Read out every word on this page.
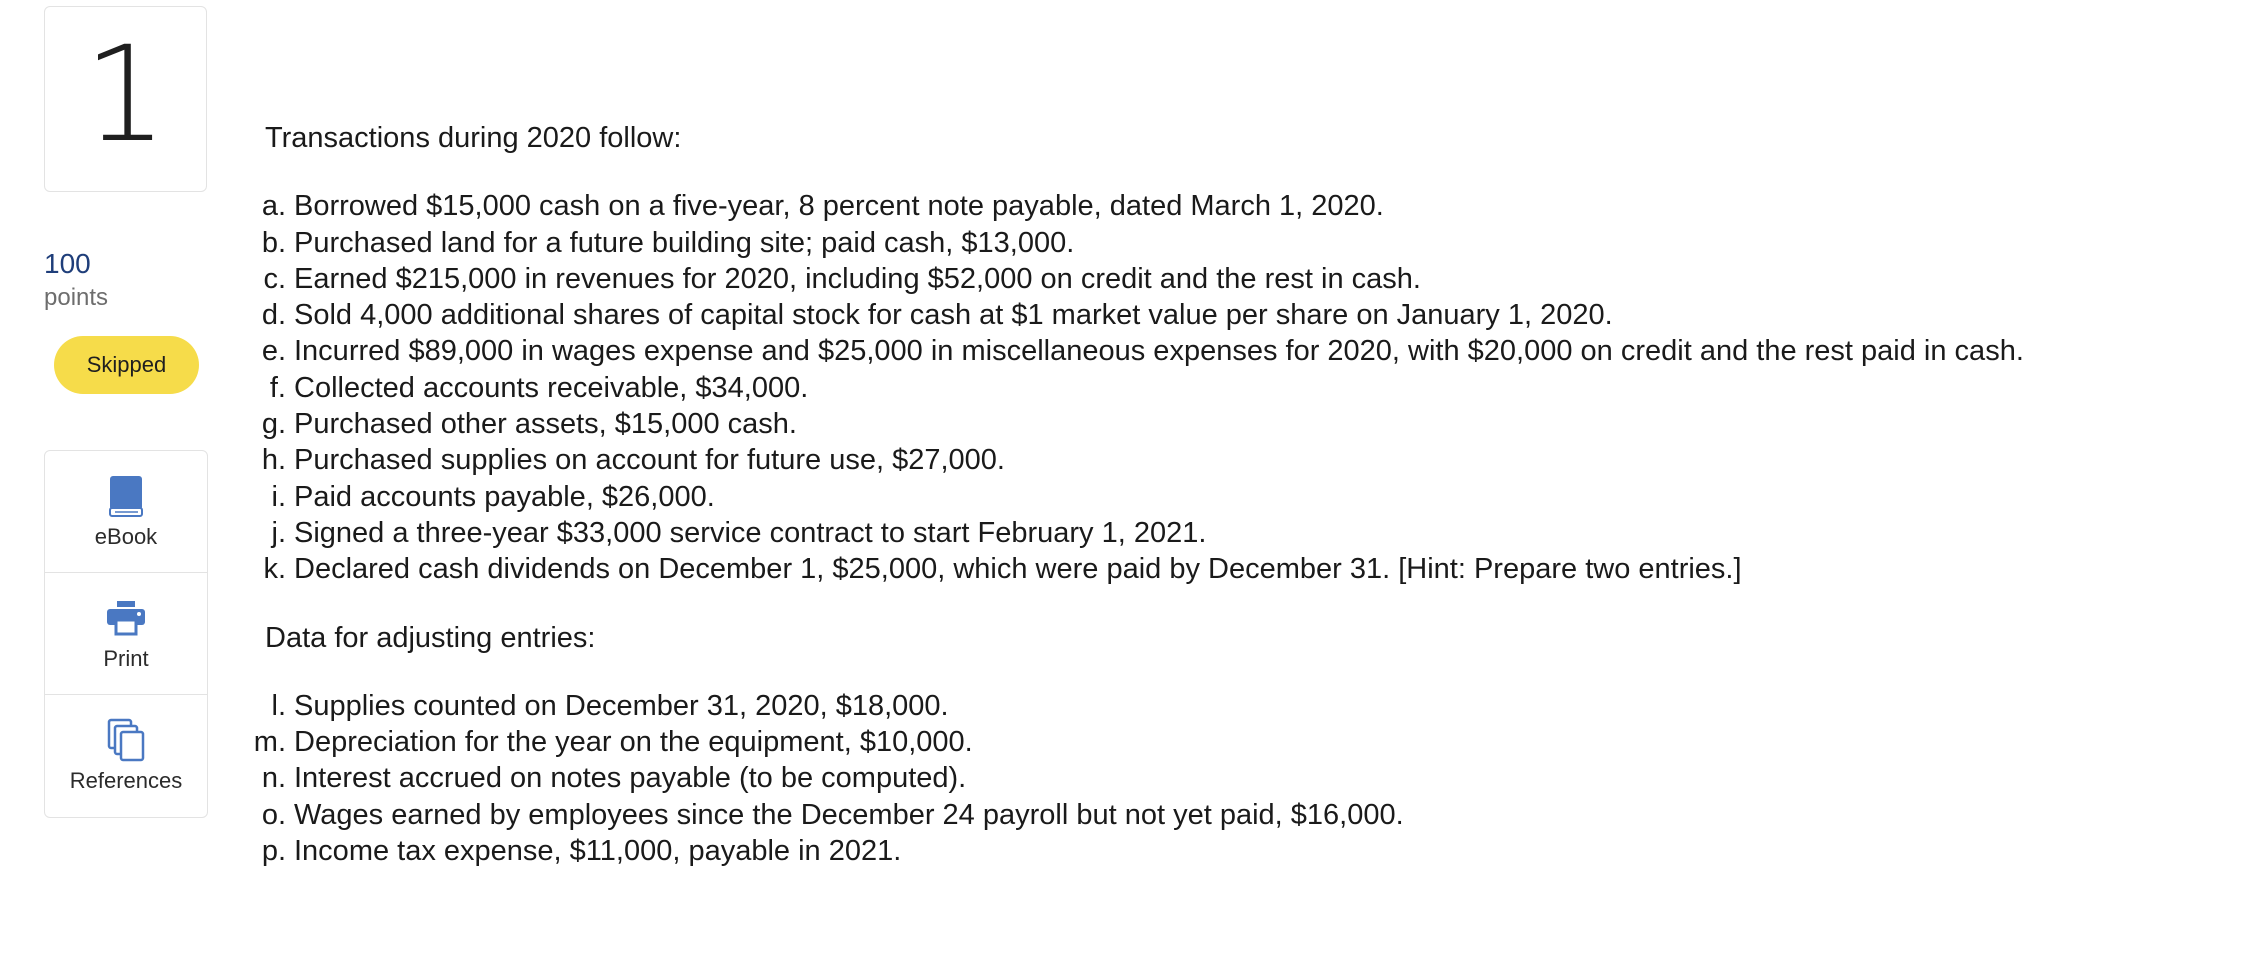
1
100
points
Skipped
eBook
Print
References

Transactions during 2020 follow:

a. Borrowed $15,000 cash on a five-year, 8 percent note payable, dated March 1, 2020.
b. Purchased land for a future building site; paid cash, $13,000.
c. Earned $215,000 in revenues for 2020, including $52,000 on credit and the rest in cash.
d. Sold 4,000 additional shares of capital stock for cash at $1 market value per share on January 1, 2020.
e. Incurred $89,000 in wages expense and $25,000 in miscellaneous expenses for 2020, with $20,000 on credit and the rest paid in cash.
f. Collected accounts receivable, $34,000.
g. Purchased other assets, $15,000 cash.
h. Purchased supplies on account for future use, $27,000.
i. Paid accounts payable, $26,000.
j. Signed a three-year $33,000 service contract to start February 1, 2021.
k. Declared cash dividends on December 1, $25,000, which were paid by December 31. [Hint: Prepare two entries.]

Data for adjusting entries:

l. Supplies counted on December 31, 2020, $18,000.
m. Depreciation for the year on the equipment, $10,000.
n. Interest accrued on notes payable (to be computed).
o. Wages earned by employees since the December 24 payroll but not yet paid, $16,000.
p. Income tax expense, $11,000, payable in 2021.
